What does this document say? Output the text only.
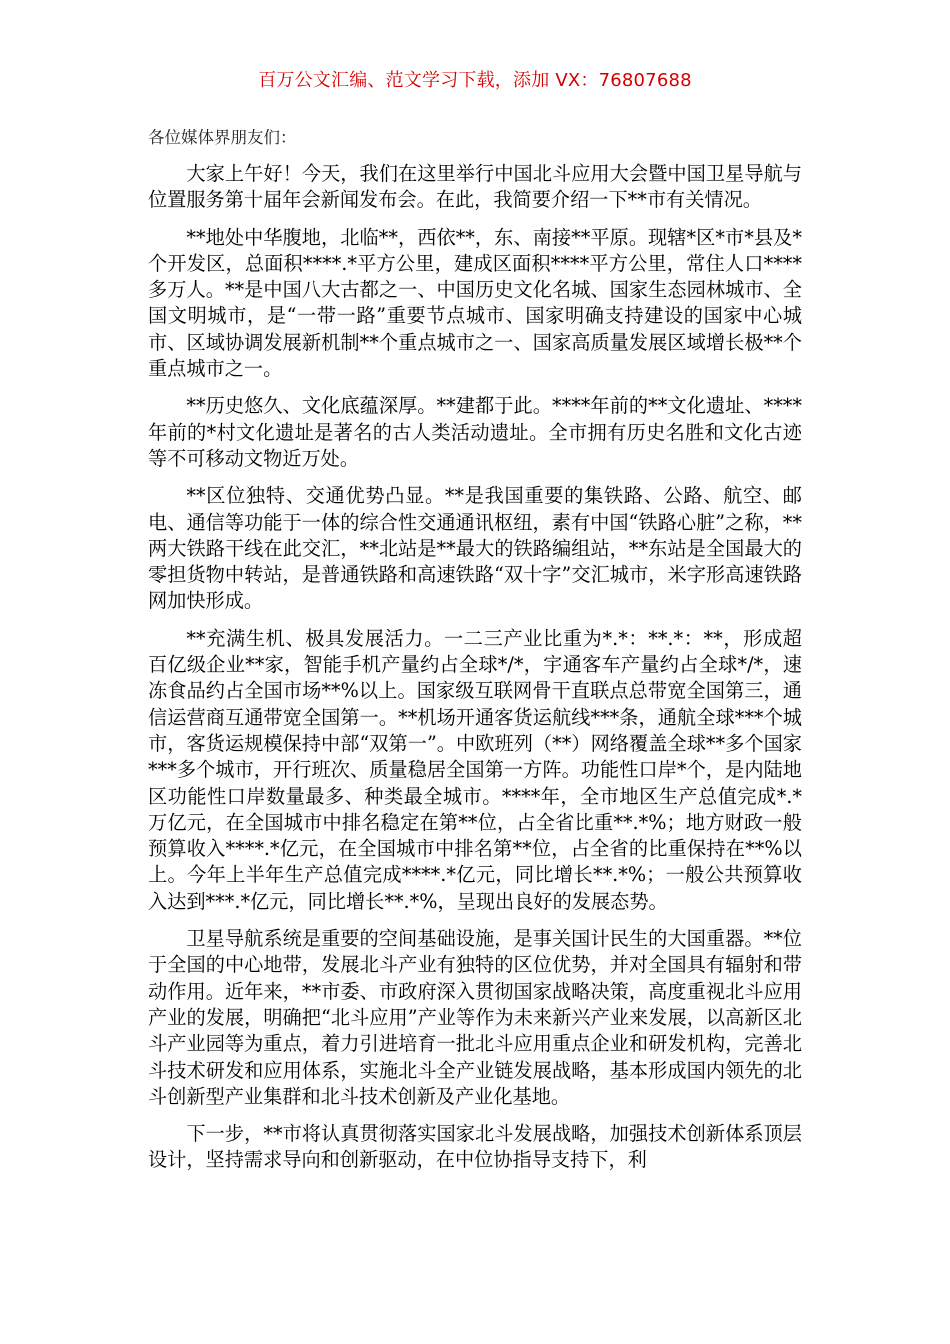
百万公文汇编、范文学习下载，添加 VX：76807688

各位媒体界朋友们：

大家上午好！今天，我们在这里举行中国北斗应用大会暨中国卫星导航与位置服务第十届年会新闻发布会。在此，我简要介绍一下**市有关情况。

**地处中华腹地，北临**，西依**，东、南接**平原。现辖*区*市*县及*个开发区，总面积****.*平方公里，建成区面积****平方公里，常住人口****多万人。**是中国八大古都之一、中国历史文化名城、国家生态园林城市、全国文明城市，是“一带一路”重要节点城市、国家明确支持建设的国家中心城市、区域协调发展新机制**个重点城市之一、国家高质量发展区域增长极**个重点城市之一。

**历史悠久、文化底蕴深厚。**建都于此。****年前的**文化遗址、****年前的*村文化遗址是著名的古人类活动遗址。全市拥有历史名胜和文化古迹等不可移动文物近万处。

**区位独特、交通优势凸显。**是我国重要的集铁路、公路、航空、邮电、通信等功能于一体的综合性交通通讯枢纽，素有中国“铁路心脏”之称，**两大铁路干线在此交汇，**北站是**最大的铁路编组站，**东站是全国最大的零担货物中转站，是普通铁路和高速铁路“双十字”交汇城市，米字形高速铁路网加快形成。

**充满生机、极具发展活力。一二三产业比重为*.*：**.*：**，形成超百亿级企业**家，智能手机产量约占全球*/*，宇通客车产量约占全球*/*，速冻食品约占全国市场**%以上。国家级互联网骨干直联点总带宽全国第三，通信运营商互通带宽全国第一。**机场开通客货运航线***条，通航全球***个城市，客货运规模保持中部“双第一”。中欧班列（**）网络覆盖全球**多个国家***多个城市，开行班次、质量稳居全国第一方阵。功能性口岸*个，是内陆地区功能性口岸数量最多、种类最全城市。****年，全市地区生产总值完成*.*万亿元，在全国城市中排名稳定在第**位，占全省比重**.*%；地方财政一般预算收入****.*亿元，在全国城市中排名第**位，占全省的比重保持在**%以上。今年上半年生产总值完成****.*亿元，同比增长**.*%；一般公共预算收入达到***.*亿元，同比增长**.*%，呈现出良好的发展态势。

卫星导航系统是重要的空间基础设施，是事关国计民生的大国重器。**位于全国的中心地带，发展北斗产业有独特的区位优势，并对全国具有辐射和带动作用。近年来，**市委、市政府深入贯彻国家战略决策，高度重视北斗应用产业的发展，明确把“北斗应用”产业等作为未来新兴产业来发展，以高新区北斗产业园等为重点，着力引进培育一批北斗应用重点企业和研发机构，完善北斗技术研发和应用体系，实施北斗全产业链发展战略，基本形成国内领先的北斗创新型产业集群和北斗技术创新及产业化基地。

下一步，**市将认真贯彻落实国家北斗发展战略，加强技术创新体系顶层设计，坚持需求导向和创新驱动，在中位协指导支持下，利
